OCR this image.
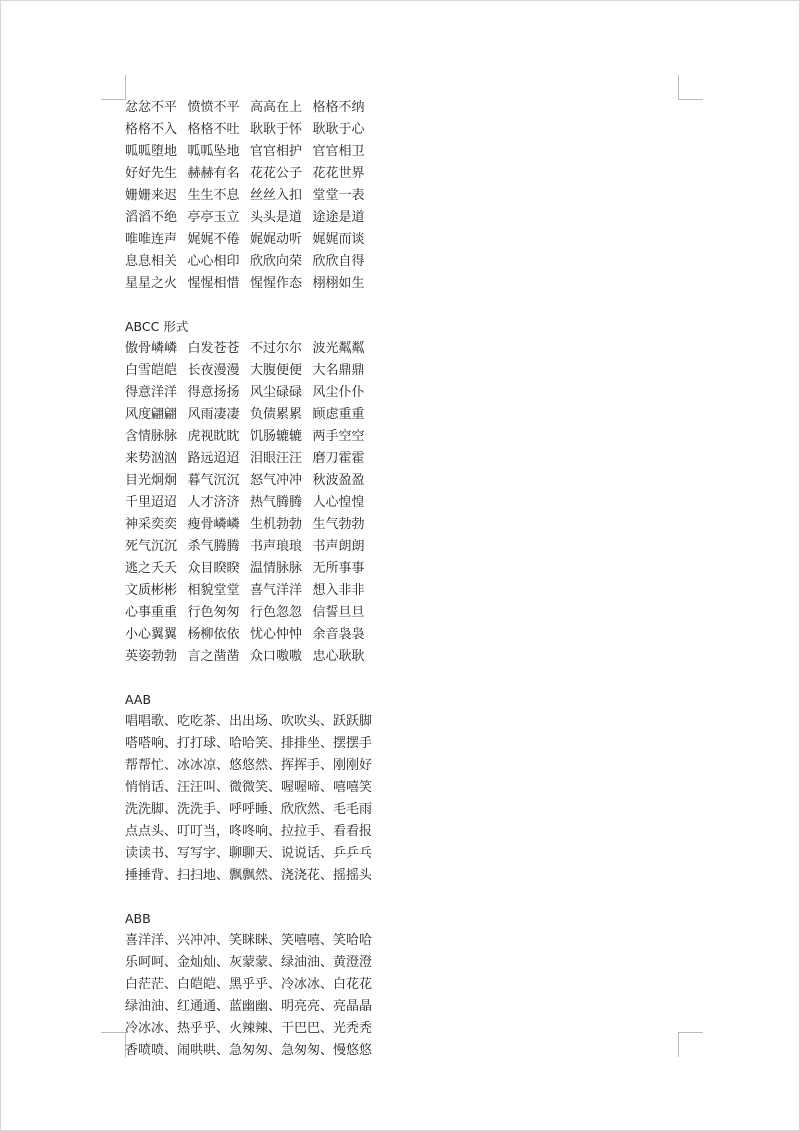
忿忿不平 愤愤不平 高高在上 格格不纳
格格不入 格格不吐 耿耿于怀 耿耿于心
呱呱堕地 呱呱坠地 官官相护 官官相卫
好好先生 赫赫有名 花花公子 花花世界
姗姗来迟 生生不息 丝丝入扣 堂堂一表
滔滔不绝 亭亭玉立 头头是道 途途是道
唯唯连声 娓娓不倦 娓娓动听 娓娓而谈
息息相关 心心相印 欣欣向荣 欣欣自得
星星之火 惺惺相惜 惺惺作态 栩栩如生
ABCC 形式
傲骨嶙嶙 白发苍苍 不过尔尔 波光粼粼
白雪皑皑 长夜漫漫 大腹便便 大名鼎鼎
得意洋洋 得意扬扬 风尘碌碌 风尘仆仆
风度翩翩 风雨凄凄 负债累累 顾虑重重
含情脉脉 虎视眈眈 饥肠辘辘 两手空空
来势汹汹 路远迢迢 泪眼汪汪 磨刀霍霍
目光炯炯 暮气沉沉 怒气冲冲 秋波盈盈
千里迢迢 人才济济 热气腾腾 人心惶惶
神采奕奕 瘦骨嶙嶙 生机勃勃 生气勃勃
死气沉沉 杀气腾腾 书声琅琅 书声朗朗
逃之夭夭 众目睽睽 温情脉脉 无所事事
文质彬彬 相貌堂堂 喜气洋洋 想入非非
心事重重 行色匆匆 行色忽忽 信誓旦旦
小心翼翼 杨柳依依 忧心忡忡 余音袅袅
英姿勃勃 言之凿凿 众口嗷嗷 忠心耿耿
AAB
唱唱歌、吃吃茶、出出场、吹吹头、跃跃脚
嗒嗒响、打打球、哈哈笑、排排坐、摆摆手
帮帮忙、冰冰凉、悠悠然、挥挥手、刚刚好
悄悄话、汪汪叫、微微笑、喔喔啼、嘻嘻笑
洗洗脚、洗洗手、呼呼睡、欣欣然、毛毛雨
点点头、叮叮当，咚咚响、拉拉手、看看报
读读书、写写字、聊聊天、说说话、乒乒乓
捶捶背、扫扫地、飘飘然、浇浇花、摇摇头
ABB
喜洋洋、兴冲冲、笑眯眯、笑嘻嘻、笑哈哈
乐呵呵、金灿灿、灰蒙蒙、绿油油、黄澄澄
白茫茫、白皑皑、黑乎乎、冷冰冰、白花花
绿油油、红通通、蓝幽幽、明亮亮、亮晶晶
冷冰冰、热乎乎、火辣辣、干巴巴、光秃秃
香喷喷、闹哄哄、急匆匆、急匆匆、慢悠悠
